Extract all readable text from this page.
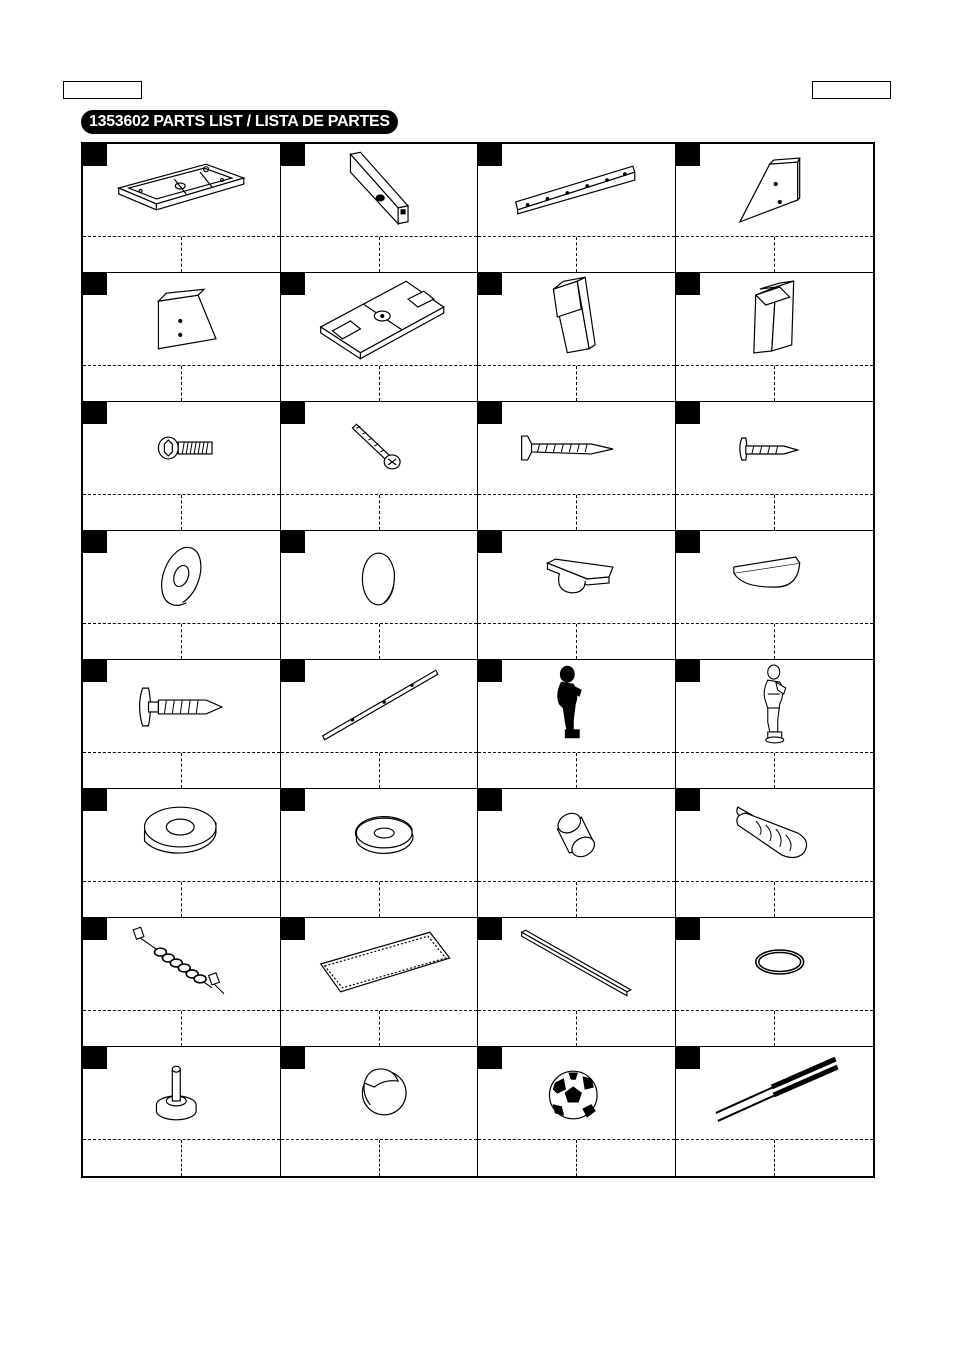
1353602 PARTS LIST / LISTA DE PARTES
